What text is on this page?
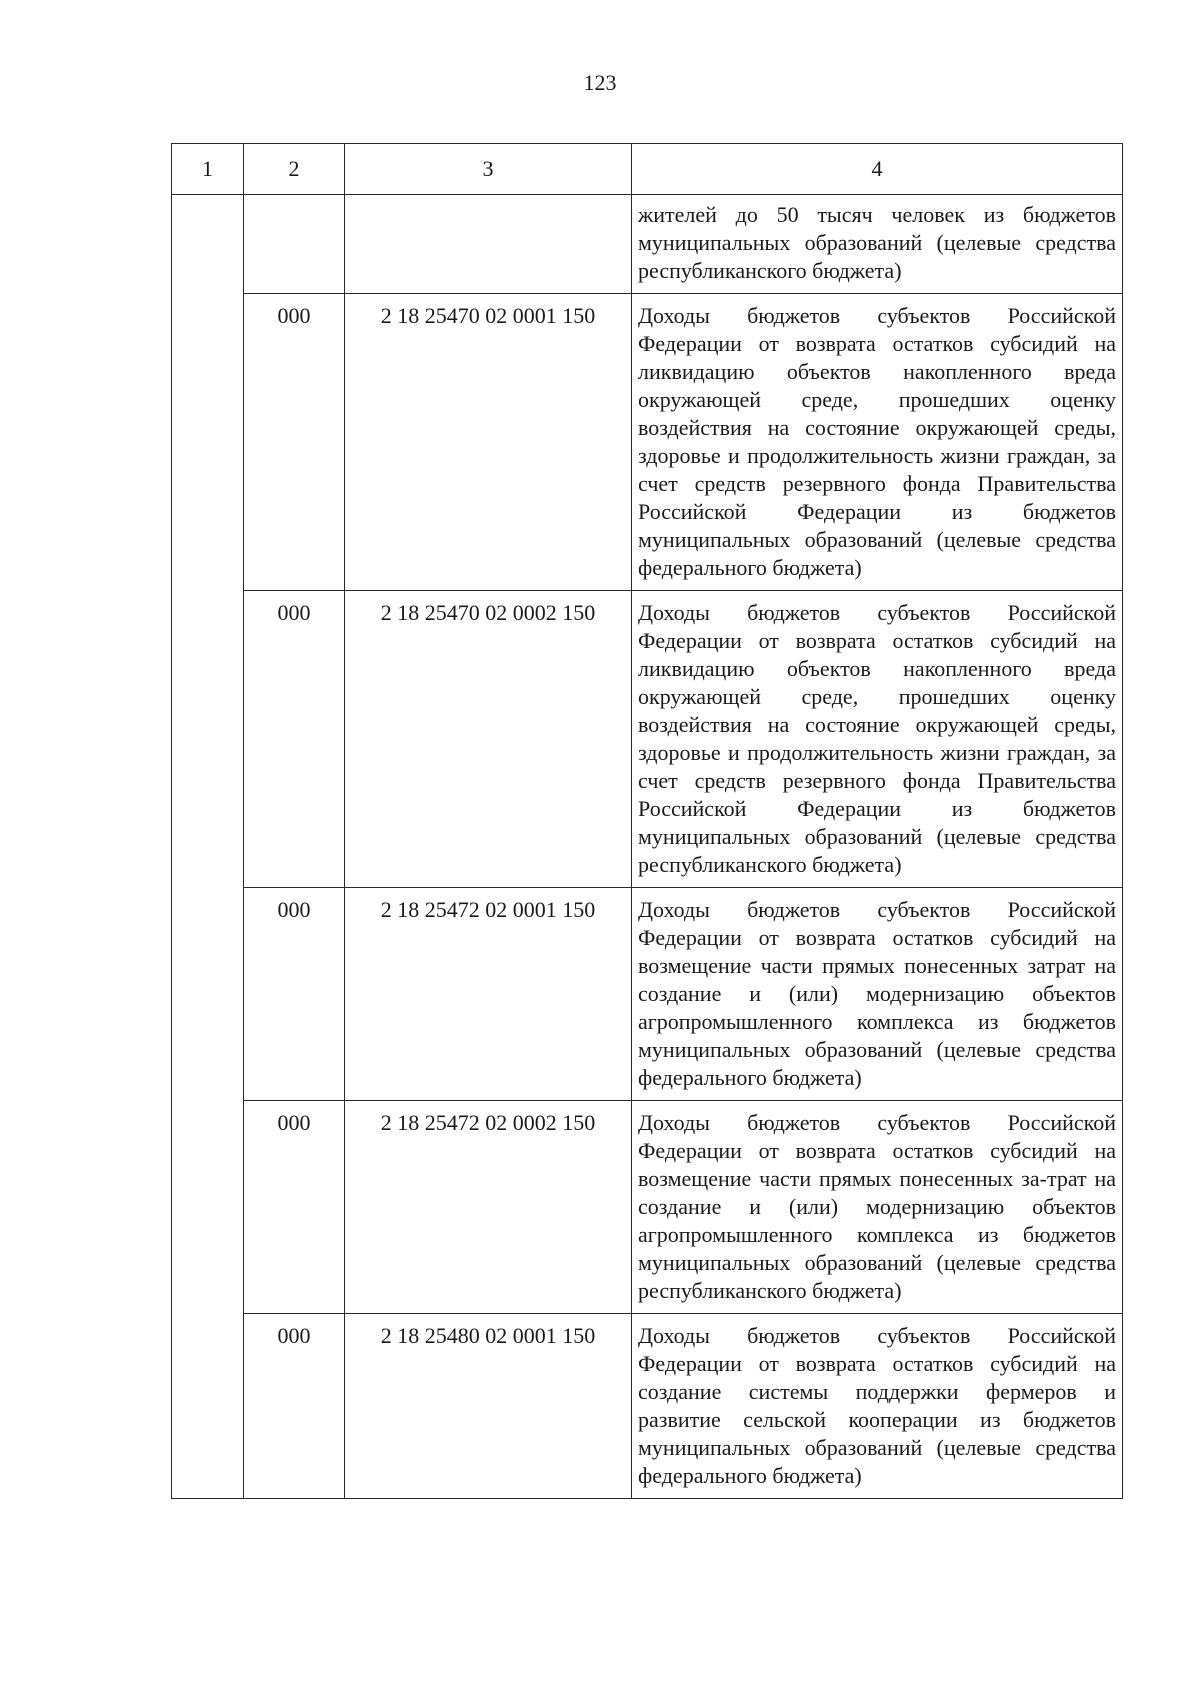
123
1	2	3	4
			жителей до 50 тысяч человек из бюджетов муниципальных образований (целевые средства республиканского бюджета)
	000	2 18 25470 02 0001 150	Доходы бюджетов субъектов Российской Федерации от возврата остатков субсидий на ликвидацию объектов накопленного вреда окружающей среде, прошедших оценку воздействия на состояние окружающей среды, здоровье и продолжительность жизни граждан, за счет средств резервного фонда Правительства Российской Федерации из бюджетов муниципальных образований (целевые средства федерального бюджета)
	000	2 18 25470 02 0002 150	Доходы бюджетов субъектов Российской Федерации от возврата остатков субсидий на ликвидацию объектов накопленного вреда окружающей среде, прошедших оценку воздействия на состояние окружающей среды, здоровье и продолжительность жизни граждан, за счет средств резервного фонда Правительства Российской Федерации из бюджетов муниципальных образований (целевые средства республиканского бюджета)
	000	2 18 25472 02 0001 150	Доходы бюджетов субъектов Российской Федерации от возврата остатков субсидий на возмещение части прямых понесенных затрат на создание и (или) модернизацию объектов агропромышленного комплекса из бюджетов муниципальных образований (целевые средства федерального бюджета)
	000	2 18 25472 02 0002 150	Доходы бюджетов субъектов Российской Федерации от возврата остатков субсидий на возмещение части прямых понесенных за-трат на создание и (или) модернизацию объектов агропромышленного комплекса из бюджетов муниципальных образований (целевые средства республиканского бюджета)
	000	2 18 25480 02 0001 150	Доходы бюджетов субъектов Российской Федерации от возврата остатков субсидий на создание системы поддержки фермеров и развитие сельской кооперации из бюджетов муниципальных образований (целевые средства федерального бюджета)
